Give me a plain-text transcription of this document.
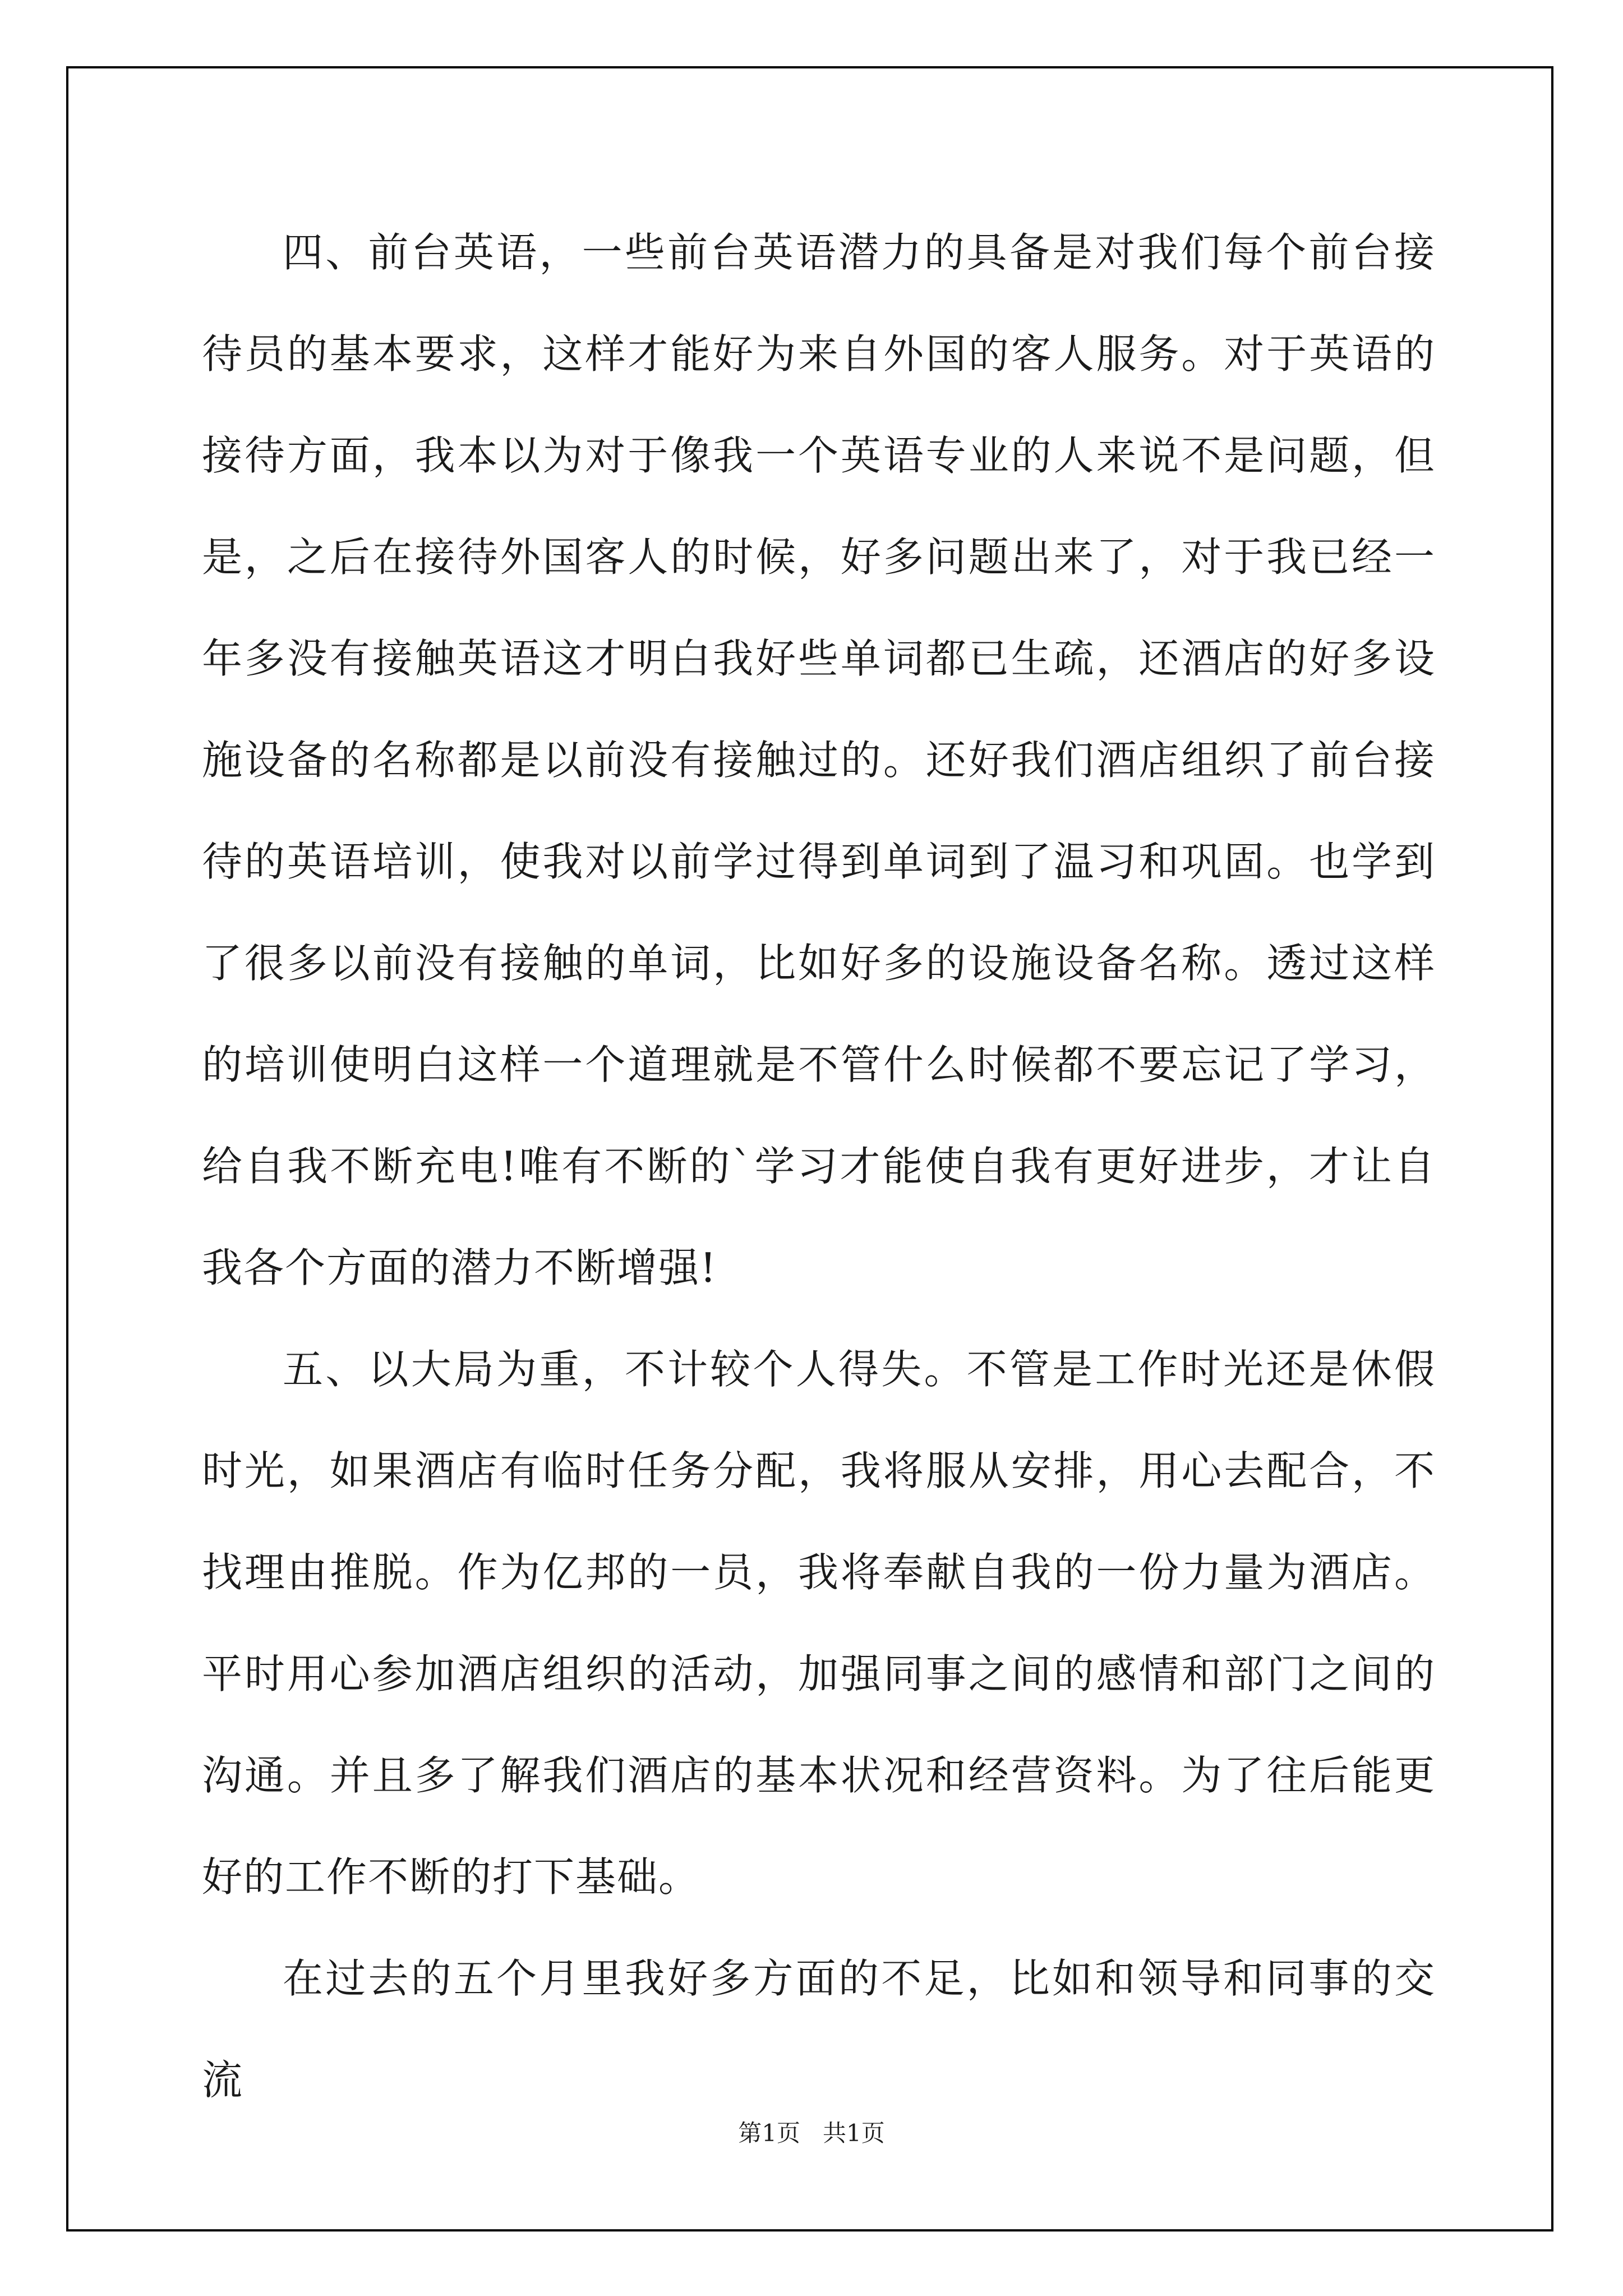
四、前台英语，一些前台英语潜力的具备是对我们每个前台接待员的基本要求，这样才能好为来自外国的客人服务。对于英语的接待方面，我本以为对于像我一个英语专业的人来说不是问题，但是，之后在接待外国客人的时候，好多问题出来了，对于我已经一年多没有接触英语这才明白我好些单词都已生疏，还酒店的好多设施设备的名称都是以前没有接触过的。还好我们酒店组织了前台接待的英语培训，使我对以前学过得到单词到了温习和巩固。也学到了很多以前没有接触的单词，比如好多的设施设备名称。透过这样的培训使明白这样一个道理就是不管什么时候都不要忘记了学习，给自我不断充电!唯有不断的`学习才能使自我有更好进步，才让自我各个方面的潜力不断增强!

五、以大局为重，不计较个人得失。不管是工作时光还是休假时光，如果酒店有临时任务分配，我将服从安排，用心去配合，不找理由推脱。作为亿邦的一员，我将奉献自我的一份力量为酒店。平时用心参加酒店组织的活动，加强同事之间的感情和部门之间的沟通。并且多了解我们酒店的基本状况和经营资料。为了往后能更好的工作不断的打下基础。

在过去的五个月里我好多方面的不足，比如和领导和同事的交流

第1页   共1页
